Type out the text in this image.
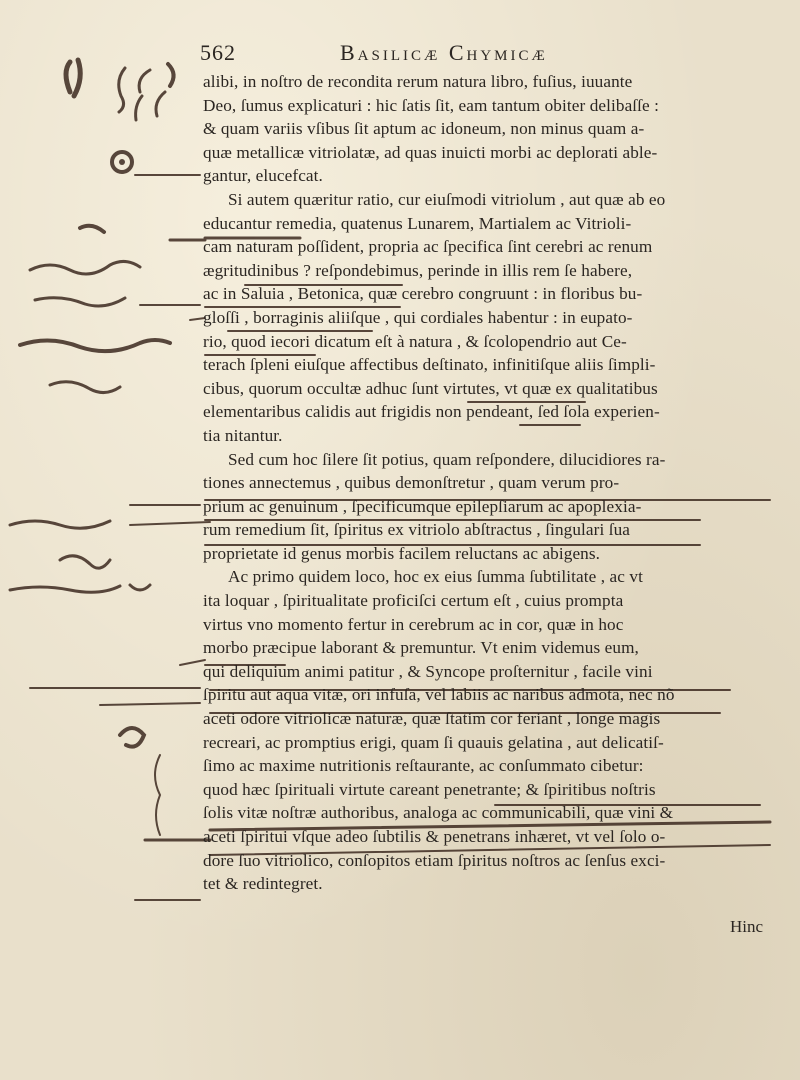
562	Basilicæ Chymicæ
alibi, in noſtro de recondita rerum natura libro, fuſius, iuuante
Deo, ſumus explicaturi : hic ſatis ſit, eam tantum obiter delibaſſe :
& quam variis vſibus ſit aptum ac idoneum, non minus quam a-
quæ metallicæ vitriolatæ, ad quas inuicti morbi ac deplorati able-
gantur, elucefcat.
Si autem quæritur ratio, cur eiuſmodi vitriolum , aut quæ ab eo
educantur remedia, quatenus Lunarem, Martialem ac Vitrioli-
cam naturam poſſident, propria ac ſpecifica ſint cerebri ac renum
ægritudinibus ? reſpondebimus, perinde in illis rem ſe habere,
ac in Saluia , Betonica, quæ cerebro congruunt : in floribus bu-
gloſſi , borraginis aliiſque , qui cordiales habentur : in eupato-
rio, quod iecori dicatum eſt à natura , & ſcolopendrio aut Ce-
terach ſpleni eiuſque affectibus deſtinato, infinitiſque aliis ſimpli-
cibus, quorum occultæ adhuc ſunt virtutes, vt quæ ex qualitatibus
elementaribus calidis aut frigidis non pendeant, ſed ſola experien-
tia nitantur.
Sed cum hoc ſilere ſit potius, quam reſpondere, dilucidiores ra-
tiones annectemus , quibus demonſtretur , quam verum pro-
prium ac genuinum , ſpecificumque epilepſiarum ac apoplexia-
rum remedium ſit, ſpiritus ex vitriolo abſtractus , ſingulari ſua
proprietate id genus morbis facilem reluctans ac abigens.
Ac primo quidem loco, hoc ex eius ſumma ſubtilitate , ac vt
ita loquar , ſpiritualitate proficiſci certum eſt , cuius prompta
virtus vno momento fertur in cerebrum ac in cor, quæ in hoc
morbo præcipue laborant & premuntur. Vt enim videmus eum,
qui deliquium animi patitur , & Syncope proſternitur , facile vini
ſpiritu aut aqua vitæ, ori infuſa, vel labiis ac naribus admota, nec nõ
aceti odore vitriolicæ naturæ, quæ ſtatim cor feriant , longe magis
recreari, ac promptius erigi, quam ſi quauis gelatina , aut delicatiſ-
ſimo ac maxime nutritionis reſtaurante, ac conſummato cibetur:
quod hæc ſpirituali virtute careant penetrante; & ſpiritibus noſtris
ſolis vitæ noſtræ authoribus, analoga ac communicabili, quæ vini &
aceti ſpiritui vſque adeo ſubtilis & penetrans inhæret, vt vel ſolo o-
dore ſuo vitriolico, conſopitos etiam ſpiritus noſtros ac ſenſus exci-
tet & redintegret.
Hinc
